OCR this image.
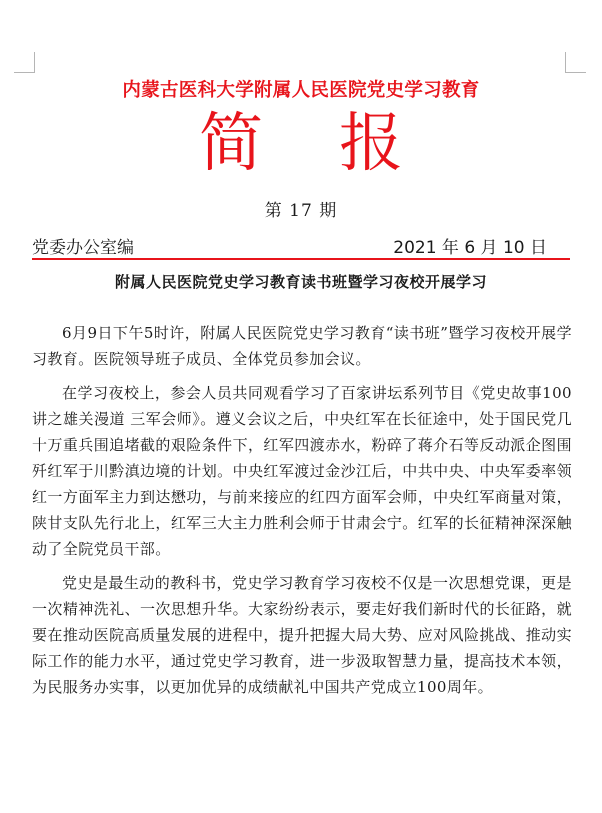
内蒙古医科大学附属人民医院党史学习教育
简 报
第 17 期
党委办公室编	2021 年 6 月 10 日
附属人民医院党史学习教育读书班暨学习夜校开展学习

6月9日下午5时许，附属人民医院党史学习教育“读书班”暨学习夜校开展学习教育。医院领导班子成员、全体党员参加会议。

在学习夜校上，参会人员共同观看学习了百家讲坛系列节目《党史故事100讲之雄关漫道 三军会师》。遵义会议之后，中央红军在长征途中，处于国民党几十万重兵围追堵截的艰险条件下，红军四渡赤水，粉碎了蒋介石等反动派企图围歼红军于川黔滇边境的计划。中央红军渡过金沙江后，中共中央、中央军委率领红一方面军主力到达懋功，与前来接应的红四方面军会师，中央红军商量对策，陕甘支队先行北上，红军三大主力胜利会师于甘肃会宁。红军的长征精神深深触动了全院党员干部。

党史是最生动的教科书，党史学习教育学习夜校不仅是一次思想党课，更是一次精神洗礼、一次思想升华。大家纷纷表示，要走好我们新时代的长征路，就要在推动医院高质量发展的进程中，提升把握大局大势、应对风险挑战、推动实际工作的能力水平，通过党史学习教育，进一步汲取智慧力量，提高技术本领，为民服务办实事，以更加优异的成绩献礼中国共产党成立100周年。
